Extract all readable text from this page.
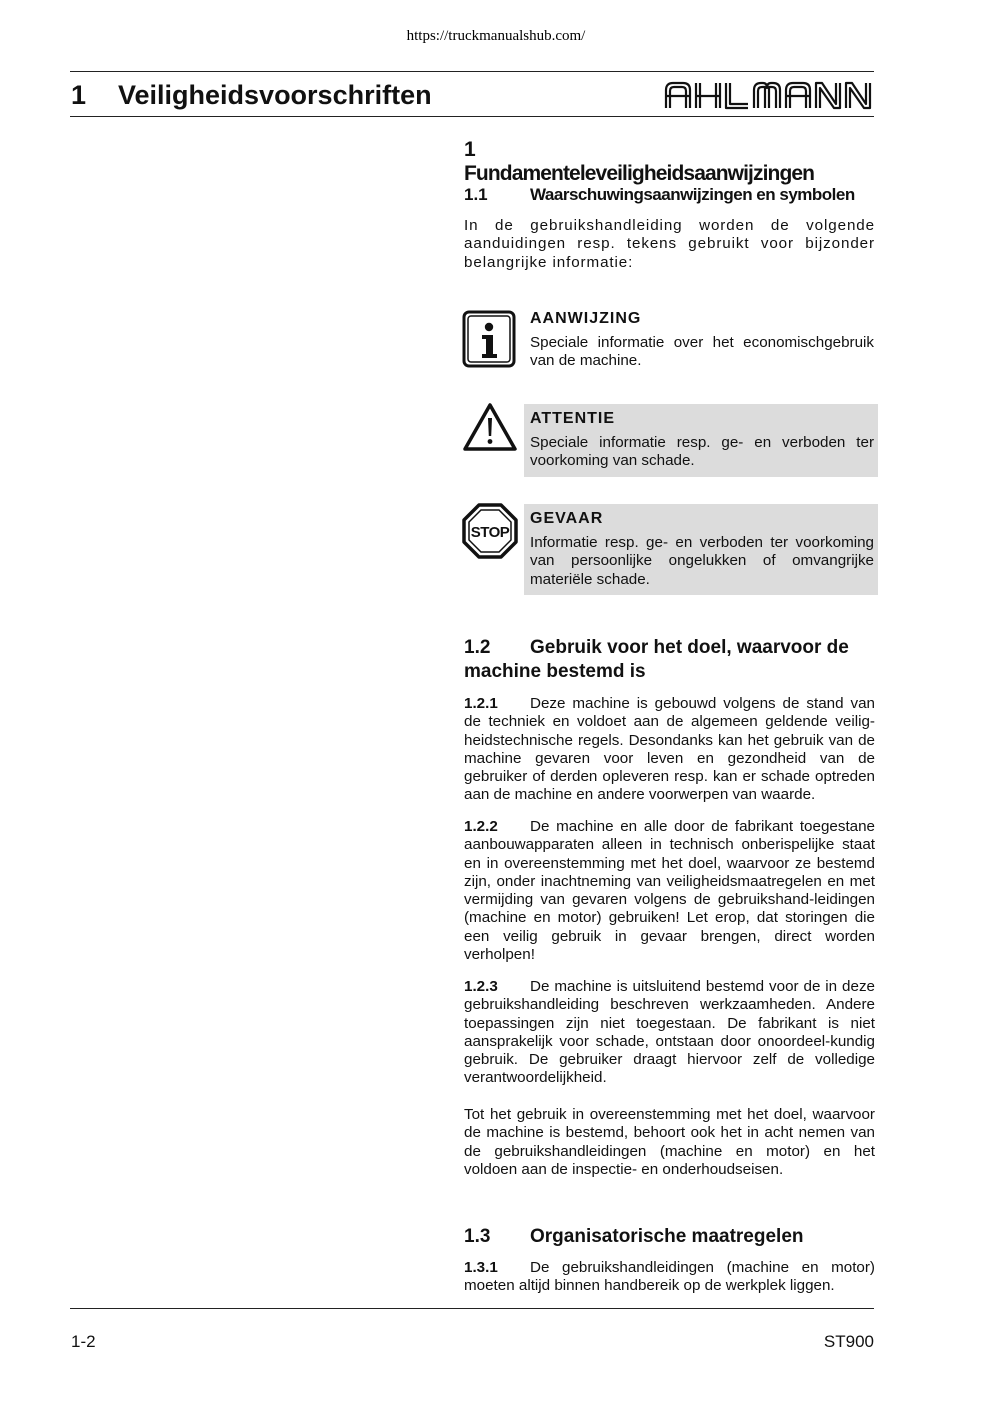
https://truckmanualshub.com/
1 Veiligheidsvoorschriften
1Fundamenteleveiligheidsaanwijzingen
1.1 Waarschuwingsaanwijzingen en symbolen

In de gebruikshandleiding worden de volgende aanduidingen resp. tekens gebruikt voor bijzonder belangrijke informatie:

AANWIJZING

Speciale informatie over het economischgebruik van de machine.

ATTENTIE

Speciale informatie resp. ge- en verboden ter voorkoming van schade.

STOP
GEVAAR

Informatie resp. ge- en verboden ter voorkoming van persoonlijke ongelukken of omvangrijke materiële schade.

1.2 Gebruik voor het doel, waarvoor de machine bestemd is

1.2.1 Deze machine is gebouwd volgens de stand van de techniek en voldoet aan de algemeen geldende veilig-heidstechnische regels. Desondanks kan het gebruik van de machine gevaren voor leven en gezondheid van de gebruiker of derden opleveren resp. kan er schade optreden aan de machine en andere voorwerpen van waarde.

1.2.2 De machine en alle door de fabrikant toegestane aanbouwapparaten alleen in technisch onberispelijke staat en in overeenstemming met het doel, waarvoor ze bestemd zijn, onder inachtneming van veiligheidsmaatregelen en met vermijding van gevaren volgens de gebruikshand-leidingen (machine en motor) gebruiken! Let erop, dat storingen die een veilig gebruik in gevaar brengen, direct worden verholpen!

1.2.3 De machine is uitsluitend bestemd voor de in deze gebruikshandleiding beschreven werkzaamheden. Andere toepassingen zijn niet toegestaan. De fabrikant is niet aansprakelijk voor schade, ontstaan door onoordeel-kundig gebruik. De gebruiker draagt hiervoor zelf de volledige verantwoordelijkheid.

Tot het gebruik in overeenstemming met het doel, waarvoor de machine is bestemd, behoort ook het in acht nemen van de gebruikshandleidingen (machine en motor) en het voldoen aan de inspectie- en onderhoudseisen.

1.3 Organisatorische maatregelen

1.3.1 De gebruikshandleidingen (machine en motor) moeten altijd binnen handbereik op de werkplek liggen.

1-2	ST900
